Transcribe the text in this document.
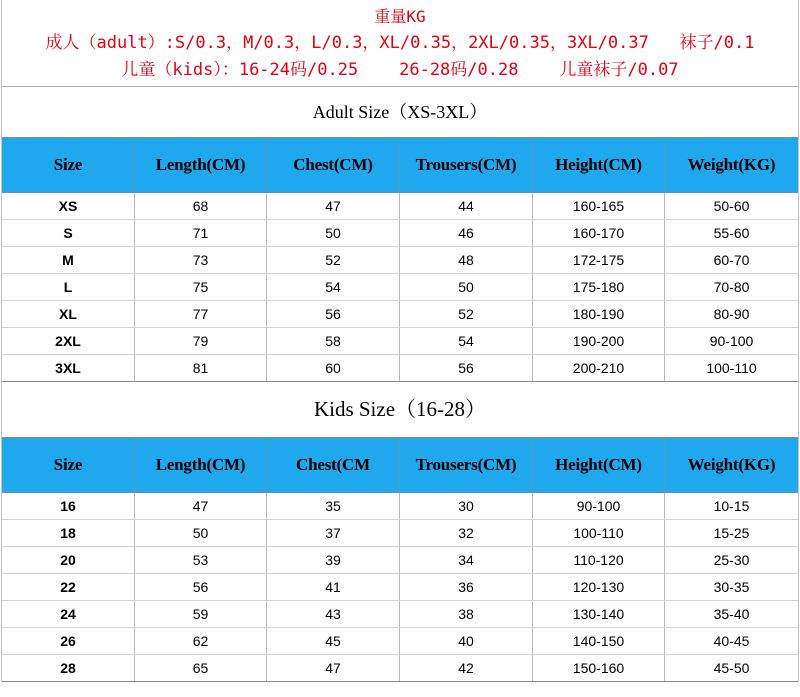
重量KG
成人（adult）:S/0.3，M/0.3，L/0.3，XL/0.35，2XL/0.35，3XL/0.37   袜子/0.1
儿童（kids）：16-24码/0.25    26-28码/0.28    儿童袜子/0.07
Adult Size（XS-3XL）
Size	Length(CM)	Chest(CM)	Trousers(CM)	Height(CM)	Weight(KG)
XS	68	47	44	160-165	50-60
S	71	50	46	160-170	55-60
M	73	52	48	172-175	60-70
L	75	54	50	175-180	70-80
XL	77	56	52	180-190	80-90
2XL	79	58	54	190-200	90-100
3XL	81	60	56	200-210	100-110
Kids Size（16-28）
Size	Length(CM)	Chest(CM	Trousers(CM)	Height(CM)	Weight(KG)
16	47	35	30	90-100	10-15
18	50	37	32	100-110	15-25
20	53	39	34	110-120	25-30
22	56	41	36	120-130	30-35
24	59	43	38	130-140	35-40
26	62	45	40	140-150	40-45
28	65	47	42	150-160	45-50
